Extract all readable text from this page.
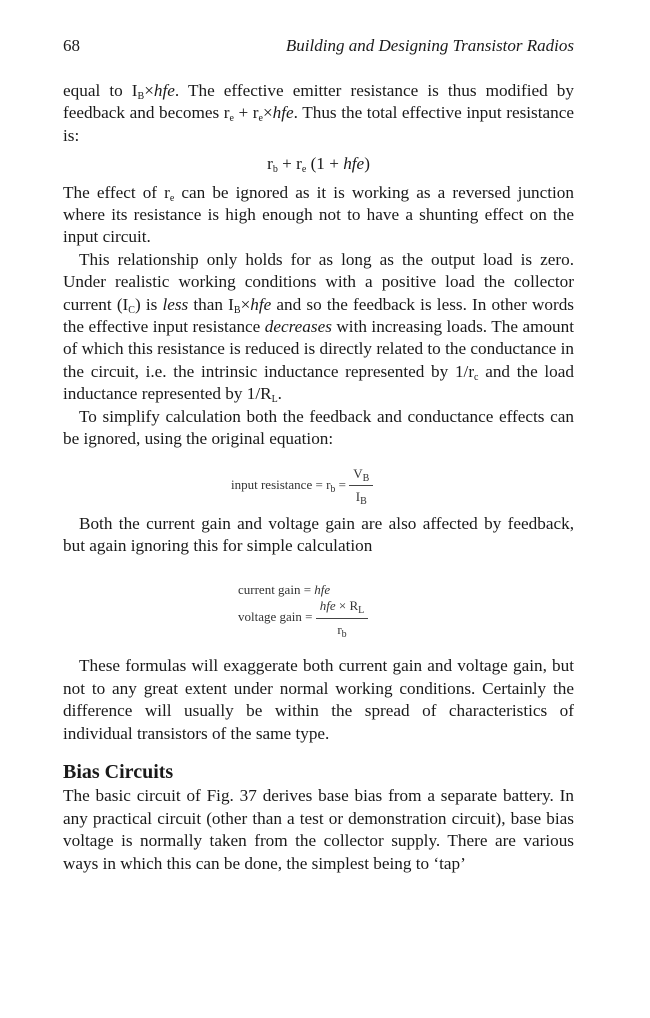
68	Building and Designing Transistor Radios

equal to $I_B\times hfe$. The effective emitter resistance is thus modified by feedback and becomes $r_e + r_e\times hfe$. Thus the total effective input resistance is:

$r_b + r_e$ (1 + hfe)

The effect of $r_e$ can be ignored as it is working as a reversed junction where its resistance is high enough not to have a shunting effect on the input circuit.

This relationship only holds for as long as the output load is zero. Under realistic working conditions with a positive load the collector current $(I_C)$ is less than $I_B\times hfe$ and so the feedback is less. In other words the effective input resistance decreases with increasing loads. The amount of which this resistance is reduced is directly related to the conductance in the circuit, i.e. the intrinsic inductance represented by $1/r_c$ and the load inductance represented by $1/R_L$.

To simplify calculation both the feedback and conductance effects can be ignored, using the original equation:

input resistance = $r_b = \frac{V_B}{I_B}$

Both the current gain and voltage gain are also affected by feedback, but again ignoring this for simple calculation

current gain = hfe
voltage gain = $\frac{hfe \times R_L}{r_b}$

These formulas will exaggerate both current gain and voltage gain, but not to any great extent under normal working conditions. Certainly the difference will usually be within the spread of characteristics of individual transistors of the same type.

Bias Circuits

The basic circuit of Fig. 37 derives base bias from a separate battery. In any practical circuit (other than a test or demonstration circuit), base bias voltage is normally taken from the collector supply. There are various ways in which this can be done, the simplest being to ‘tap’
